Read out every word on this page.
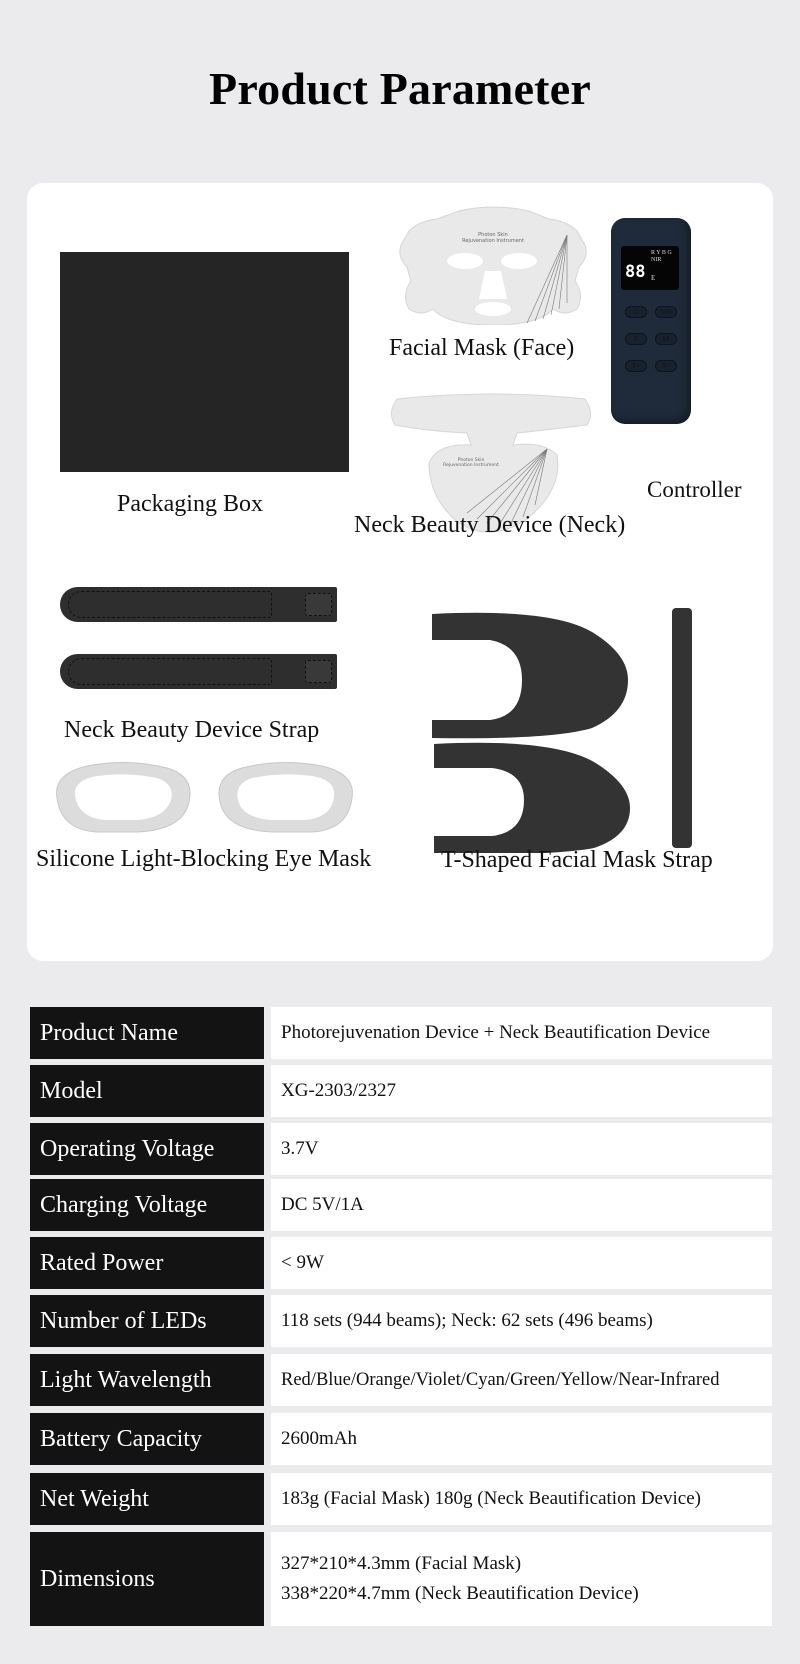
Product Parameter
Packaging Box
Photon Skin
Rejuvenation Instrument
Facial Mask (Face)
88
R Y B G NIR
E
⏻	NIR
E	M
T+	T−
Controller
Photon Skin
Rejuvenation Instrument
Neck Beauty Device (Neck)
Neck Beauty Device Strap
Silicone Light-Blocking Eye Mask	T-Shaped Facial Mask Strap
Product Name	Photorejuvenation Device + Neck Beautification Device
Model	XG-2303/2327
Operating Voltage	3.7V
Charging Voltage	DC 5V/1A
Rated Power	< 9W
Number of LEDs	118 sets (944 beams); Neck: 62 sets (496 beams)
Light Wavelength	Red/Blue/Orange/Violet/Cyan/Green/Yellow/Near-Infrared
Battery Capacity	2600mAh
Net Weight	183g (Facial Mask) 180g (Neck Beautification Device)
Dimensions
327*210*4.3mm (Facial Mask)
338*220*4.7mm (Neck Beautification Device)
